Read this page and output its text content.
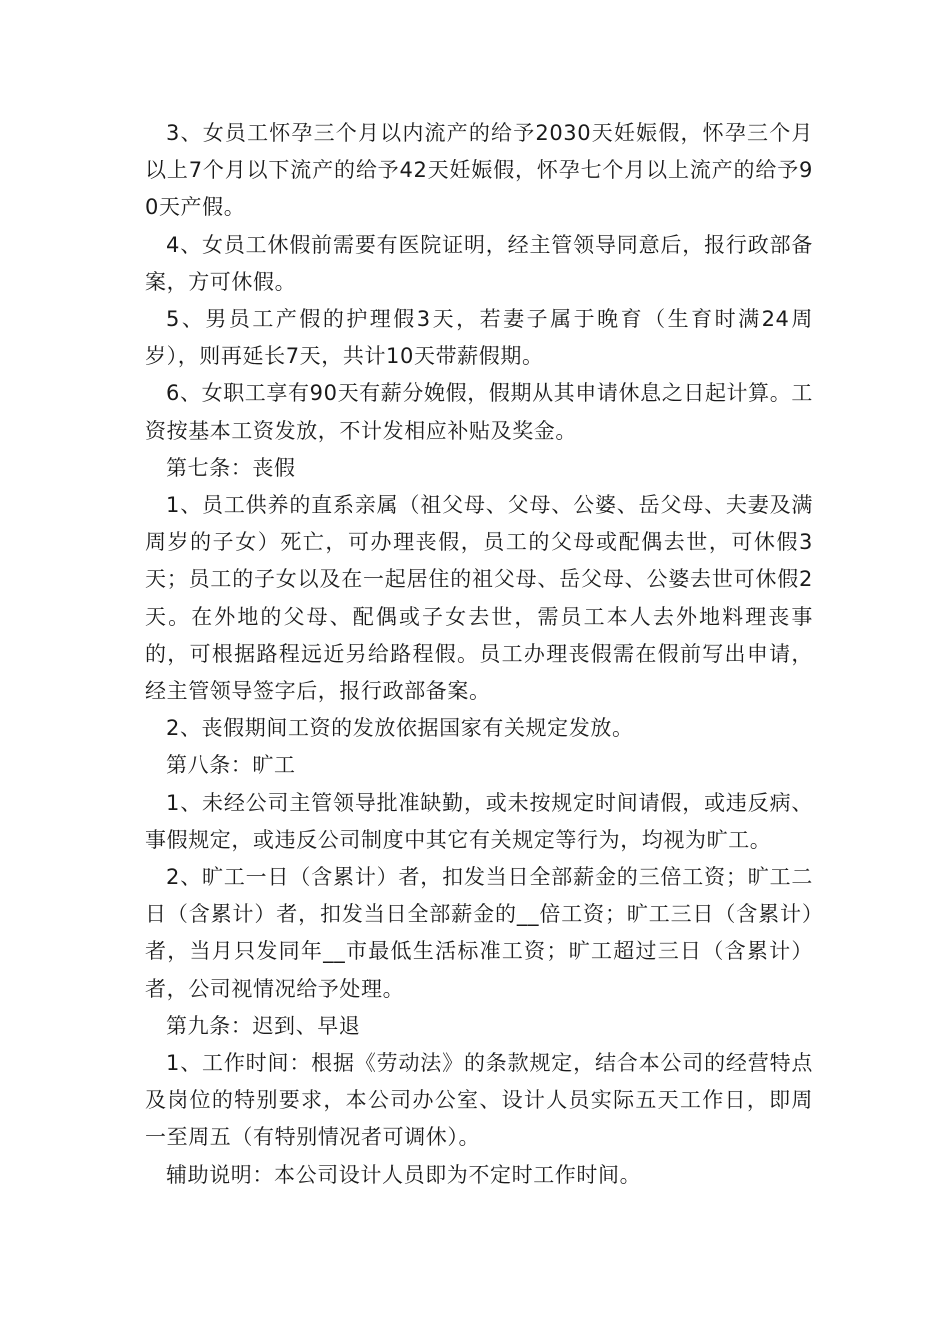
3、女员工怀孕三个月以内流产的给予2030天妊娠假，怀孕三个月以上7个月以下流产的给予42天妊娠假，怀孕七个月以上流产的给予90天产假。

4、女员工休假前需要有医院证明，经主管领导同意后，报行政部备案，方可休假。

5、男员工产假的护理假3天，若妻子属于晚育（生育时满24周岁），则再延长7天，共计10天带薪假期。

6、女职工享有90天有薪分娩假，假期从其申请休息之日起计算。工资按基本工资发放，不计发相应补贴及奖金。

第七条：丧假

1、员工供养的直系亲属（祖父母、父母、公婆、岳父母、夫妻及满周岁的子女）死亡，可办理丧假，员工的父母或配偶去世，可休假3天；员工的子女以及在一起居住的祖父母、岳父母、公婆去世可休假2天。在外地的父母、配偶或子女去世，需员工本人去外地料理丧事的，可根据路程远近另给路程假。员工办理丧假需在假前写出申请，经主管领导签字后，报行政部备案。

2、丧假期间工资的发放依据国家有关规定发放。

第八条：旷工

1、未经公司主管领导批准缺勤，或未按规定时间请假，或违反病、事假规定，或违反公司制度中其它有关规定等行为，均视为旷工。

2、旷工一日（含累计）者，扣发当日全部薪金的三倍工资；旷工二日（含累计）者，扣发当日全部薪金的__倍工资；旷工三日（含累计）者，当月只发同年__市最低生活标准工资；旷工超过三日（含累计）者，公司视情况给予处理。

第九条：迟到、早退

1、工作时间：根据《劳动法》的条款规定，结合本公司的经营特点及岗位的特别要求，本公司办公室、设计人员实际五天工作日，即周一至周五（有特别情况者可调休）。

辅助说明：本公司设计人员即为不定时工作时间。
